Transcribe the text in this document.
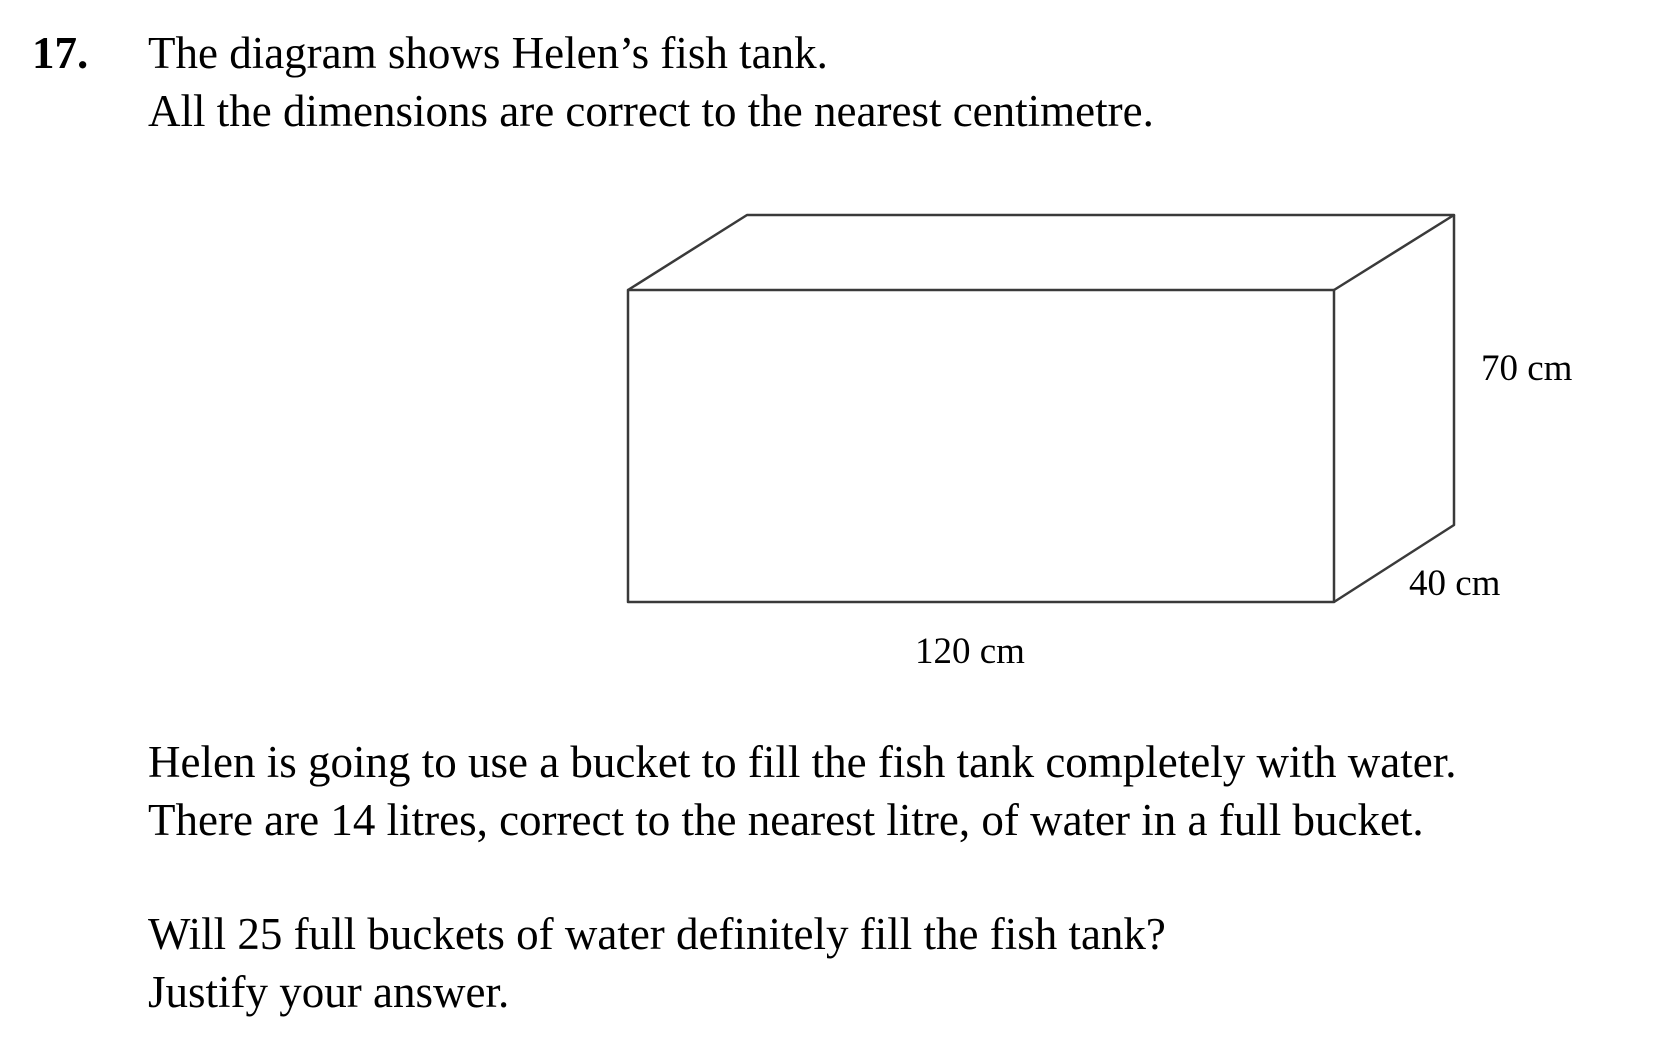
17. The diagram shows Helen’s fish tank.
All the dimensions are correct to the nearest centimetre.
70 cm
40 cm
120 cm
Helen is going to use a bucket to fill the fish tank completely with water.
There are 14 litres, correct to the nearest litre, of water in a full bucket.
Will 25 full buckets of water definitely fill the fish tank?
Justify your answer.
